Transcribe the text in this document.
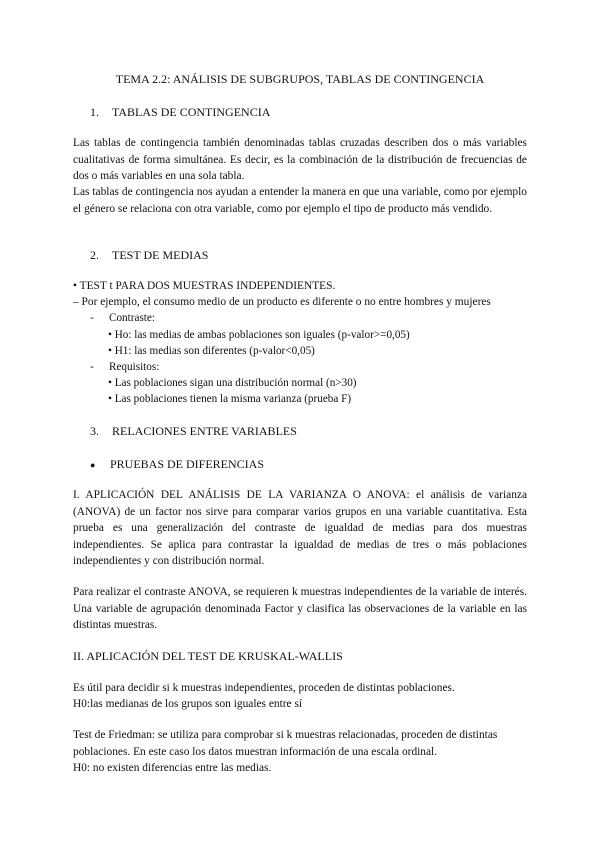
TEMA 2.2: ANÁLISIS DE SUBGRUPOS, TABLAS DE CONTINGENCIA

1. TABLAS DE CONTINGENCIA

Las tablas de contingencia también denominadas tablas cruzadas describen dos o más variables cualitativas de forma simultánea. Es decir, es la combinación de la distribución de frecuencias de dos o más variables en una sola tabla.

Las tablas de contingencia nos ayudan a entender la manera en que una variable, como por ejemplo el género se relaciona con otra variable, como por ejemplo el tipo de producto más vendido.

2. TEST DE MEDIAS

• TEST t PARA DOS MUESTRAS INDEPENDIENTES.

– Por ejemplo, el consumo medio de un producto es diferente o no entre hombres y mujeres

- Contraste:

• Ho: las medias de ambas poblaciones son iguales (p-valor>=0,05)

• H1: las medias son diferentes (p-valor<0,05)

- Requisitos:

• Las poblaciones sigan una distribución normal (n>30)

• Las poblaciones tienen la misma varianza (prueba F)

3. RELACIONES ENTRE VARIABLES

● PRUEBAS DE DIFERENCIAS

I. APLICACIÓN DEL ANÁLISIS DE LA VARIANZA O ANOVA: el análisis de varianza (ANOVA) de un factor nos sirve para comparar varios grupos en una variable cuantitativa. Esta prueba es una generalización del contraste de igualdad de medias para dos muestras independientes. Se aplica para contrastar la igualdad de medias de tres o más poblaciones independientes y con distribución normal.

Para realizar el contraste ANOVA, se requieren k muestras independientes de la variable de interés. Una variable de agrupación denominada Factor y clasifica las observaciones de la variable en las distintas muestras.

II. APLICACIÓN DEL TEST DE KRUSKAL-WALLIS

Es útil para decidir si k muestras independientes, proceden de distintas poblaciones.

H0:las medianas de los grupos son iguales entre sí

Test de Friedman: se utiliza para comprobar si k muestras relacionadas, proceden de distintas poblaciones. En este caso los datos muestran información de una escala ordinal.

H0: no existen diferencias entre las medias.
